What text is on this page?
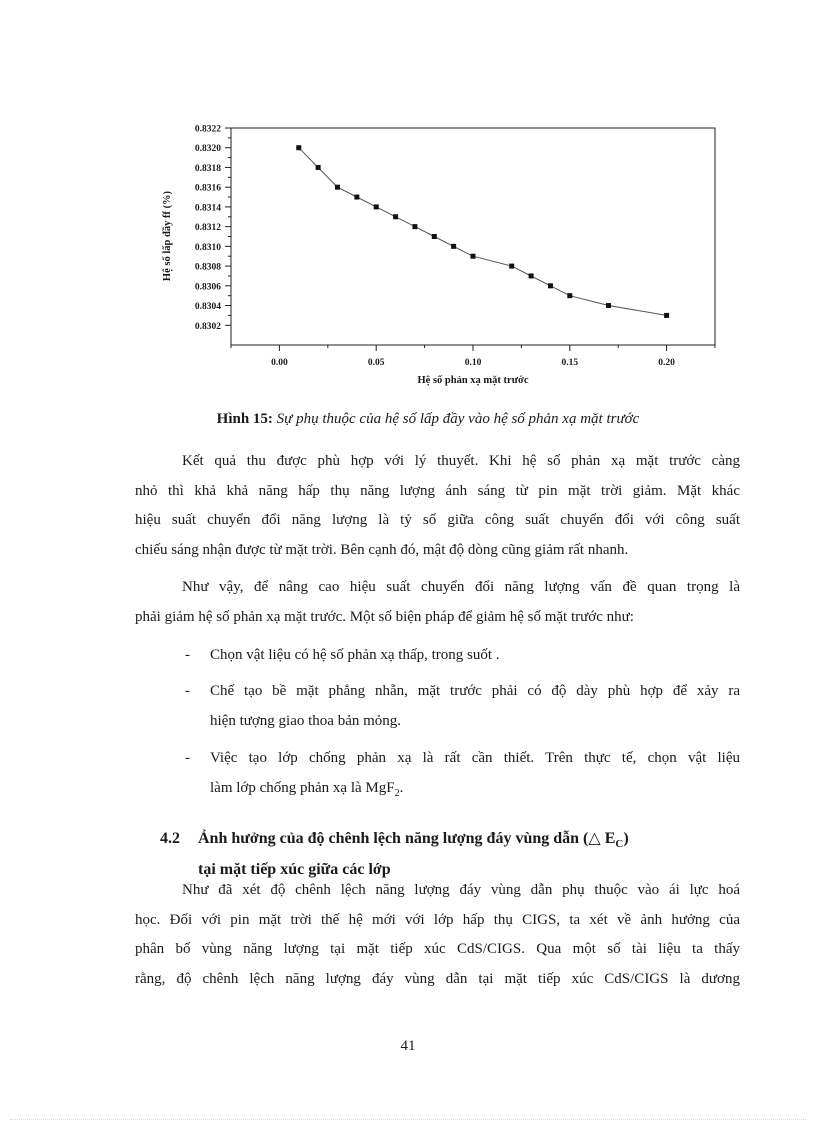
0.8302
0.8304
0.8306
0.8308
0.8310
0.8312
0.8314
0.8316
0.8318
0.8320
0.8322
0.00	0.05	0.10	0.15	0.20
Hệ số phản xạ mặt trước
Hệ số lấp đầy ff (%)
Hình 15: Sự phụ thuộc của hệ số lấp đầy vào hệ số phản xạ mặt trước

Kết quả thu được phù hợp với lý thuyết. Khi hệ số phản xạ mặt trước càng
nhỏ thì khả khả năng hấp thụ năng lượng ánh sáng từ pin mặt trời giảm. Mặt khác
hiệu suất chuyển đổi năng lượng là tỷ số giữa công suất chuyển đổi với công suất
chiếu sáng nhận được từ mặt trời. Bên cạnh đó, mật độ dòng cũng giảm rất nhanh.

Như vậy, để nâng cao hiệu suất chuyển đổi năng lượng vấn đề quan trọng là
phải giảm hệ số phản xạ mặt trước. Một số biện pháp để giảm hệ số mặt trước như:

- Chọn vật liệu có hệ số phản xạ thấp, trong suốt .
- Chế tạo bề mặt phẳng nhẵn, mặt trước phải có độ dày phù hợp để xảy ra
hiện tượng giao thoa bản mỏng.
- Việc tạo lớp chống phản xạ là rất cần thiết. Trên thực tế, chọn vật liệu
làm lớp chống phản xạ là MgF$_2$.
4.2 Ảnh hưởng của độ chênh lệch năng lượng đáy vùng dẫn (△ $E_C$)
tại mặt tiếp xúc giữa các lớp

Như đã xét độ chênh lệch năng lượng đáy vùng dẫn phụ thuộc vào ái lực hoá
học. Đối với pin mặt trời thế hệ mới với lớp hấp thụ CIGS, ta xét về ảnh hưởng của
phân bố vùng năng lượng tại mặt tiếp xúc CdS/CIGS. Qua một số tài liệu ta thấy
rằng, độ chênh lệch năng lượng đáy vùng dẫn tại mặt tiếp xúc CdS/CIGS là dương

41
